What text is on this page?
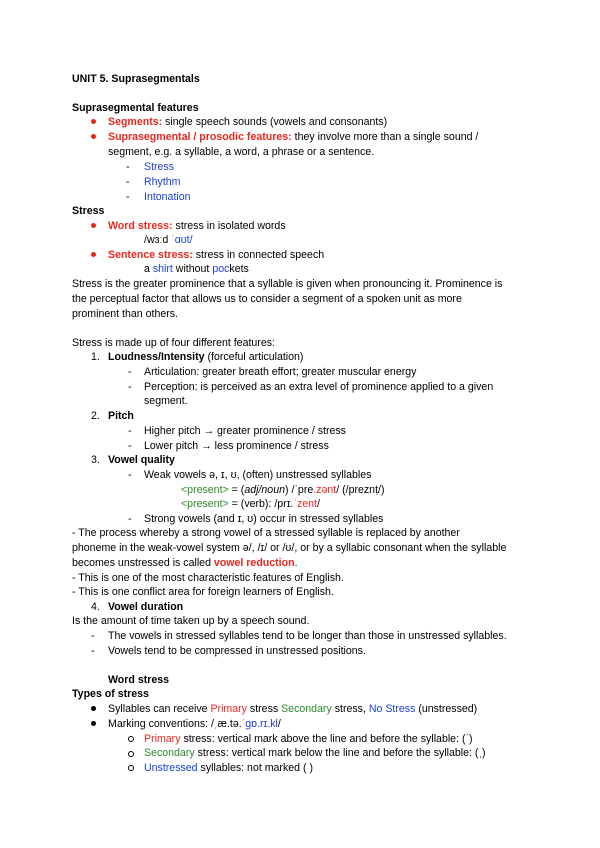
UNIT 5. Suprasegmentals
Suprasegmental features
Segments: single speech sounds (vowels and consonants)
Suprasegmental / prosodic features: they involve more than a single sound /
segment, e.g. a syllable, a word, a phrase or a sentence.
- Stress
- Rhythm
- Intonation
Stress
Word stress: stress in isolated words
/wɜːd ˈɑʊt/
Sentence stress: stress in connected speech
a shirt without pockets
Stress is the greater prominence that a syllable is given when pronouncing it. Prominence is
the perceptual factor that allows us to consider a segment of a spoken unit as more
prominent than others.
Stress is made up of four different features:
1. Loudness/Intensity (forceful articulation)
- Articulation: greater breath effort; greater muscular energy
- Perception: is perceived as an extra level of prominence applied to a given
segment.
2. Pitch
- Higher pitch → greater prominence / stress
- Lower pitch → less prominence / stress
3. Vowel quality
- Weak vowels ə, ɪ, ʊ, (often) unstressed syllables
<present> = (adj/noun) /ˈpre.zənt/ (/preznṭ/)
<present> = (verb): /prɪ.ˈzent/
- Strong vowels (and ɪ, ʊ) occur in stressed syllables
- The process whereby a strong vowel of a stressed syllable is replaced by another
phoneme in the weak-vowel system ə/, /ɪ/ or /ʊ/, or by a syllabic consonant when the syllable
becomes unstressed is called vowel reduction.
- This is one of the most characteristic features of English.
- This is one conflict area for foreign learners of English.
4. Vowel duration
Is the amount of time taken up by a speech sound.
- The vowels in stressed syllables tend to be longer than those in unstressed syllables.
- Vowels tend to be compressed in unstressed positions.
Word stress
Types of stress
Syllables can receive Primary stress Secondary stress, No Stress (unstressed)
Marking conventions: /ˌæ.tə.ˈgɒ.rɪ.kl/
Primary stress: vertical mark above the line and before the syllable: (ˈ)
Secondary stress: vertical mark below the line and before the syllable: (ˌ)
Unstressed syllables: not marked ( )
